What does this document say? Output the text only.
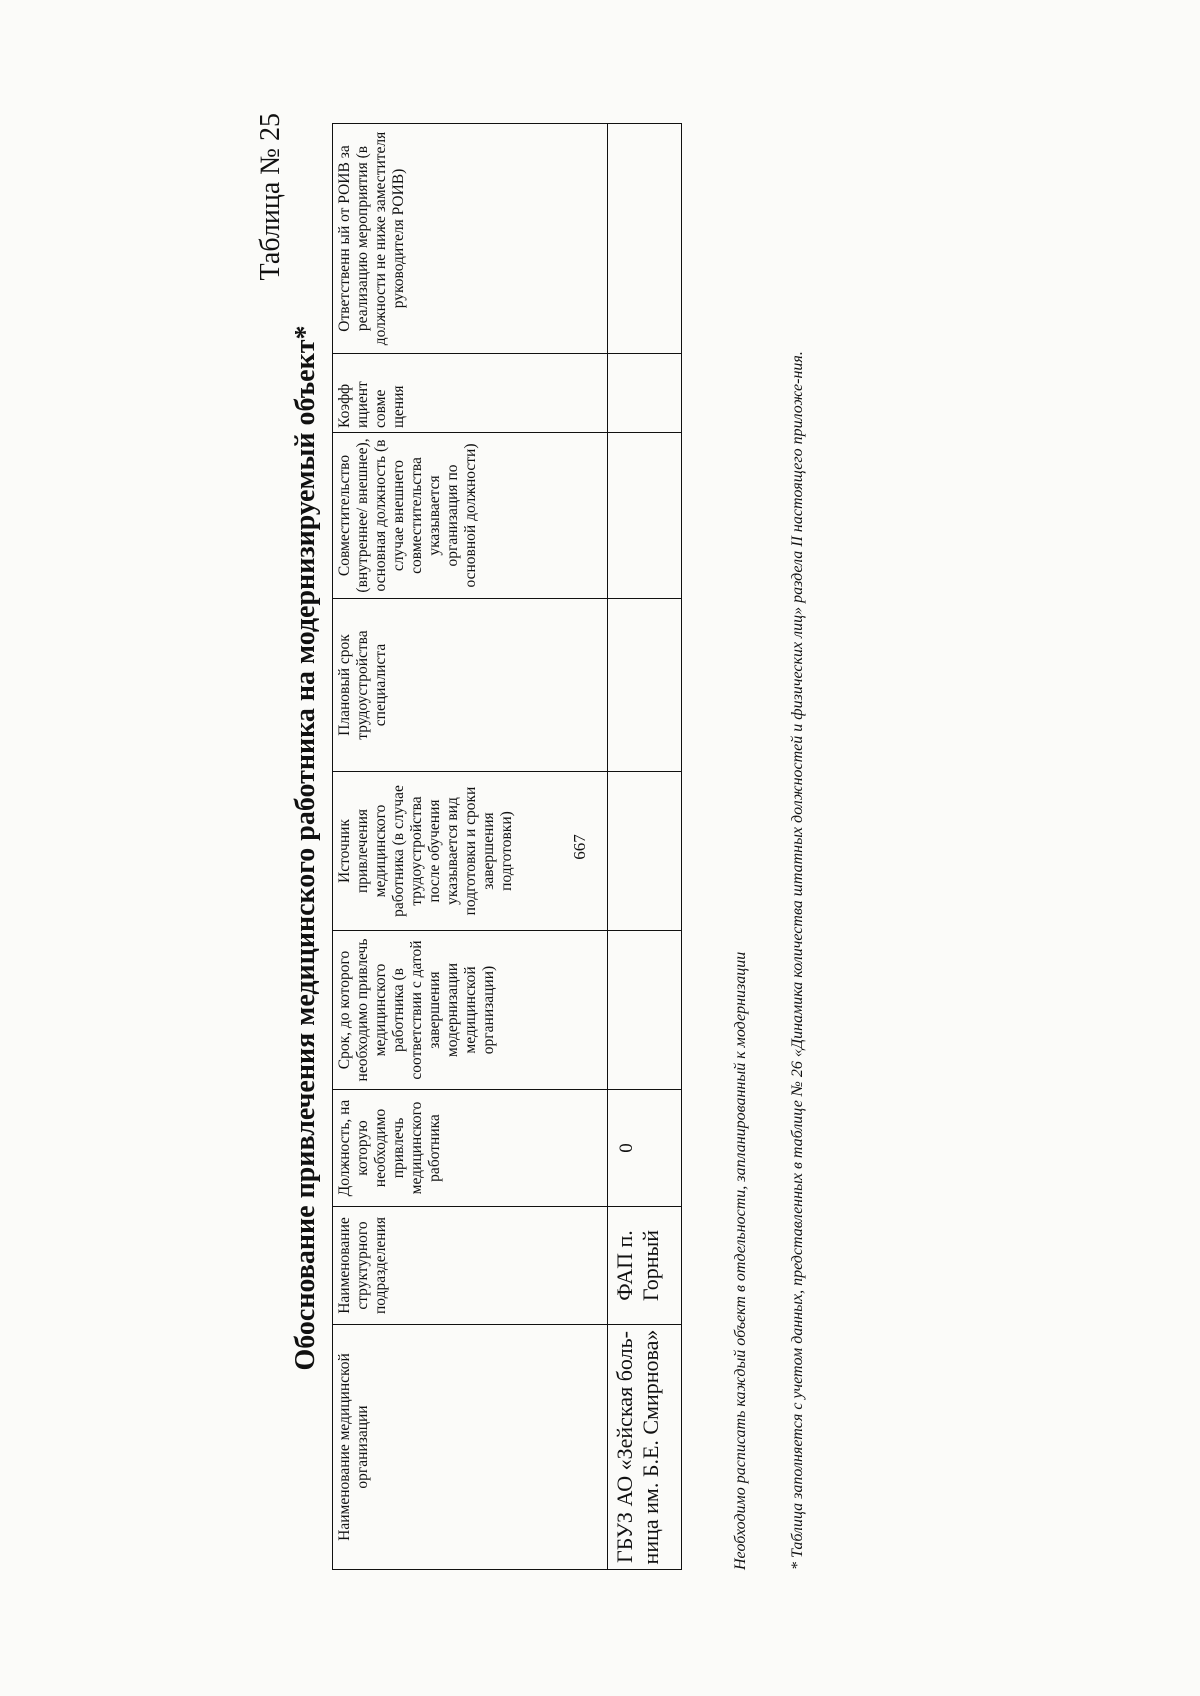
667
Таблица № 25
Обоснование привлечения медицинского работника на модернизируемый объект*
Наименование медицинской организации	Наименование структурного подразделения	Должность, на которую необходимо привлечь медицинского работника	Срок, до которого необходимо привлечь медицинского работника (в соответствии с датой завершения модернизации медицинской организации)	Источник привлечения медицинского работника (в случае трудоустройства после обучения указывается вид подготовки и сроки завершения подготовки)	Плановый срок трудоустройства специалиста	Совместительство (внутреннее/ внешнее), основная должность (в случае внешнего совместительства указывается организация по основной должности)	Коэфф ициент совме щения	Ответственн ый от РОИВ за реализацию мероприятия (в должности не ниже заместителя руководителя РОИВ)
ГБУЗ АО «Зейская боль-ница им. Б.Е. Смирнова»	ФАП п. Горный	0							Необходимо расписать каждый объект в отдельности, запланированный к модернизации	* Таблица заполняется с учетом данных, представленных в таблице № 26 «Динамика количества штатных должностей и физических лиц» раздела II настоящего приложе-ния.
